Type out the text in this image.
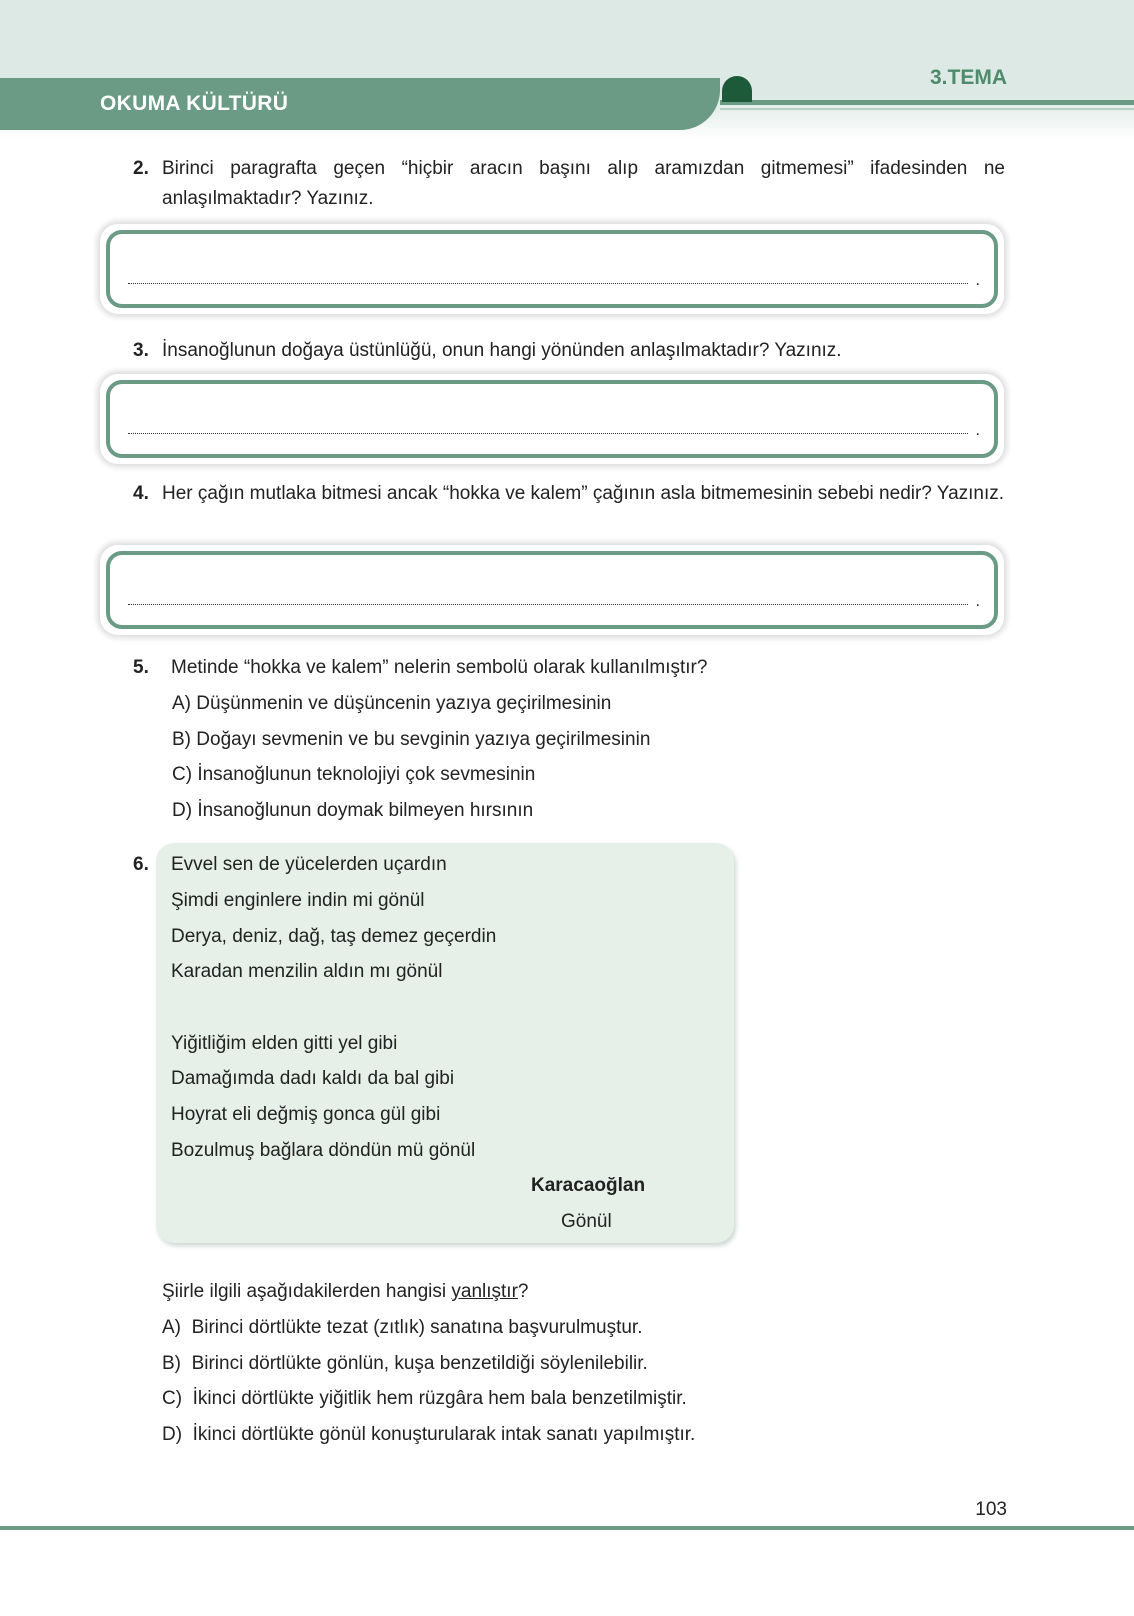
OKUMA KÜLTÜRÜ
3.TEMA
2. Birinci paragrafta geçen “hiçbir aracın başını alıp aramızdan gitmemesi” ifadesinden ne anlaşılmaktadır? Yazınız.
.
3. İnsanoğlunun doğaya üstünlüğü, onun hangi yönünden anlaşılmaktadır? Yazınız.
.
4. Her çağın mutlaka bitmesi ancak “hokka ve kalem” çağının asla bitmemesinin sebebi nedir? Yazınız.
.
5. Metinde “hokka ve kalem” nelerin sembolü olarak kullanılmıştır?
A) Düşünmenin ve düşüncenin yazıya geçirilmesinin
B) Doğayı sevmenin ve bu sevginin yazıya geçirilmesinin
C) İnsanoğlunun teknolojiyi çok sevmesinin
D) İnsanoğlunun doymak bilmeyen hırsının
6. Evvel sen de yücelerden uçardın
Şimdi enginlere indin mi gönül
Derya, deniz, dağ, taş demez geçerdin
Karadan menzilin aldın mı gönül
Yiğitliğim elden gitti yel gibi
Damağımda dadı kaldı da bal gibi
Hoyrat eli değmiş gonca gül gibi
Bozulmuş bağlara döndün mü gönül
Karacaoğlan
Gönül
Şiirle ilgili aşağıdakilerden hangisi yanlıştır?
A) Birinci dörtlükte tezat (zıtlık) sanatına başvurulmuştur.
B) Birinci dörtlükte gönlün, kuşa benzetildiği söylenilebilir.
C) İkinci dörtlükte yiğitlik hem rüzgâra hem bala benzetilmiştir.
D) İkinci dörtlükte gönül konuşturularak intak sanatı yapılmıştır.
103
